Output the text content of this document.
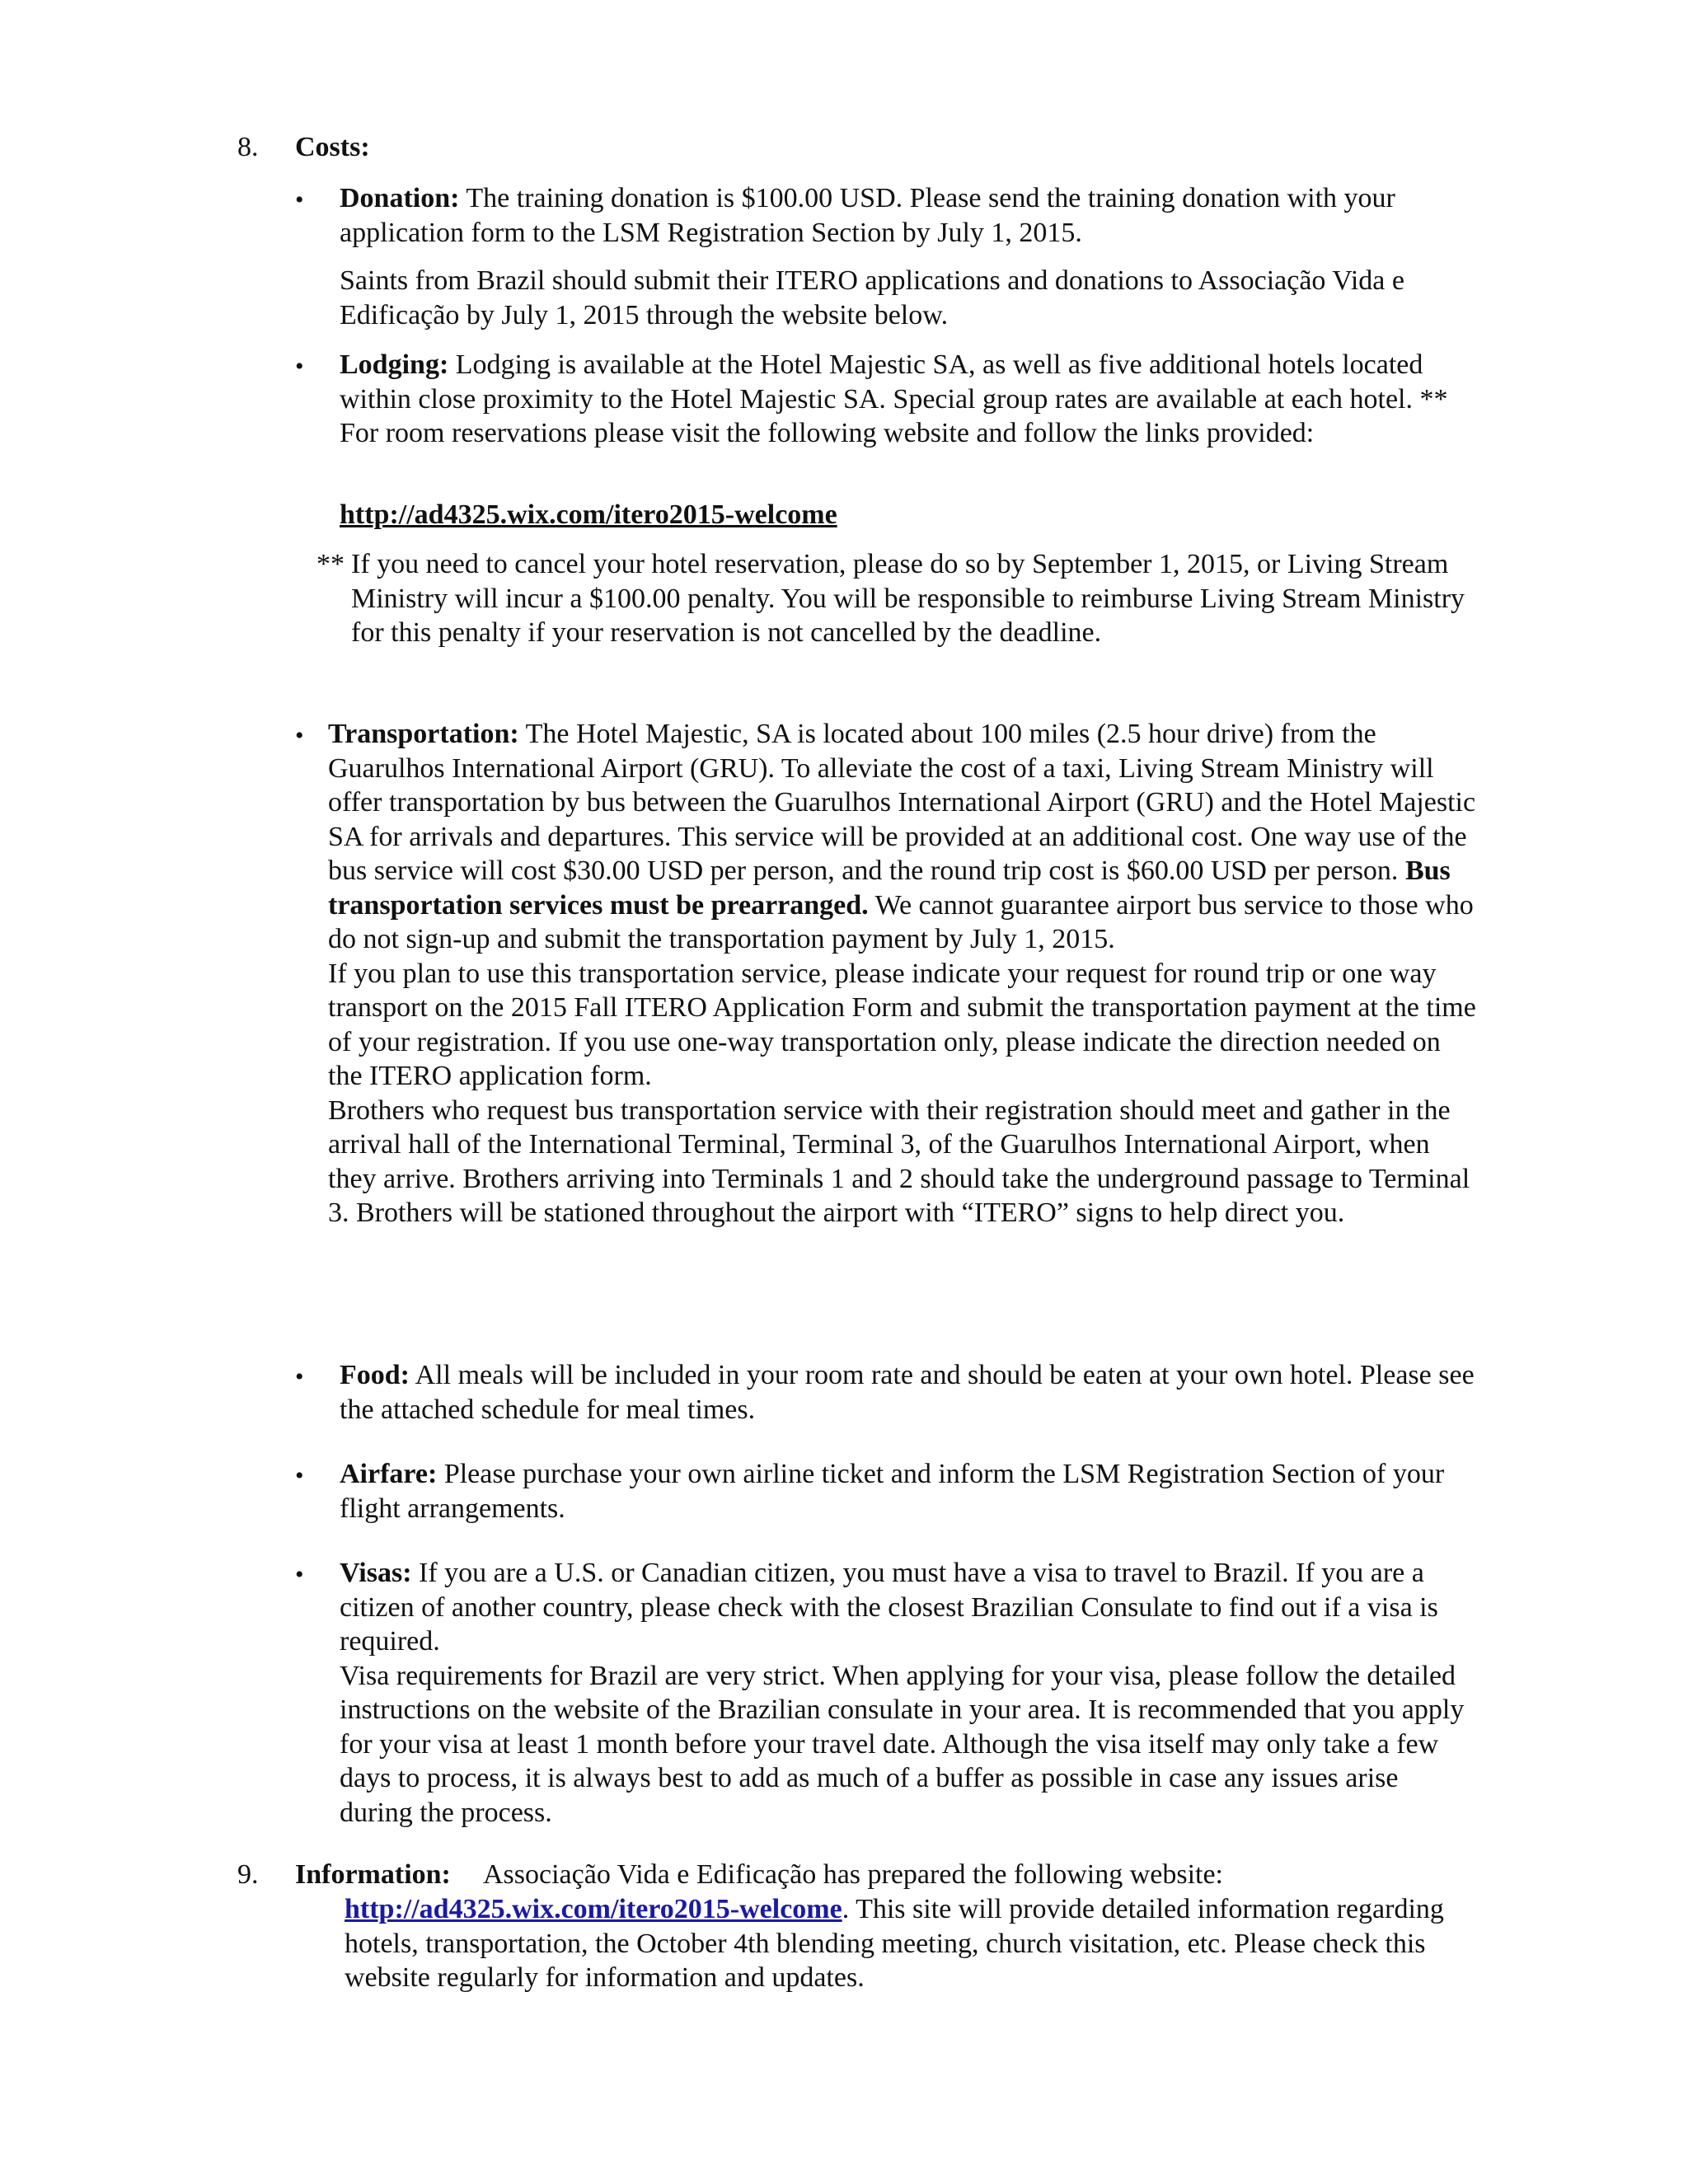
8. Costs:
• Donation: The training donation is $100.00 USD. Please send the training donation with your application form to the LSM Registration Section by July 1, 2015.

Saints from Brazil should submit their ITERO applications and donations to Associação Vida e Edificação by July 1, 2015 through the website below.

• Lodging: Lodging is available at the Hotel Majestic SA, as well as five additional hotels located within close proximity to the Hotel Majestic SA. Special group rates are available at each hotel. **
For room reservations please visit the following website and follow the links provided:

http://ad4325.wix.com/itero2015-welcome
** If you need to cancel your hotel reservation, please do so by September 1, 2015, or Living Stream Ministry will incur a $100.00 penalty. You will be responsible to reimburse Living Stream Ministry for this penalty if your reservation is not cancelled by the deadline.

• Transportation: The Hotel Majestic, SA is located about 100 miles (2.5 hour drive) from the Guarulhos International Airport (GRU). To alleviate the cost of a taxi, Living Stream Ministry will offer transportation by bus between the Guarulhos International Airport (GRU) and the Hotel Majestic SA for arrivals and departures. This service will be provided at an additional cost. One way use of the bus service will cost $30.00 USD per person, and the round trip cost is $60.00 USD per person. Bus transportation services must be prearranged. We cannot guarantee airport bus service to those who do not sign-up and submit the transportation payment by July 1, 2015.
If you plan to use this transportation service, please indicate your request for round trip or one way transport on the 2015 Fall ITERO Application Form and submit the transportation payment at the time of your registration. If you use one-way transportation only, please indicate the direction needed on the ITERO application form.
Brothers who request bus transportation service with their registration should meet and gather in the arrival hall of the International Terminal, Terminal 3, of the Guarulhos International Airport, when they arrive. Brothers arriving into Terminals 1 and 2 should take the underground passage to Terminal 3. Brothers will be stationed throughout the airport with “ITERO” signs to help direct you.

• Food: All meals will be included in your room rate and should be eaten at your own hotel. Please see the attached schedule for meal times.

• Airfare: Please purchase your own airline ticket and inform the LSM Registration Section of your flight arrangements.

• Visas: If you are a U.S. or Canadian citizen, you must have a visa to travel to Brazil. If you are a citizen of another country, please check with the closest Brazilian Consulate to find out if a visa is required.
Visa requirements for Brazil are very strict. When applying for your visa, please follow the detailed instructions on the website of the Brazilian consulate in your area. It is recommended that you apply for your visa at least 1 month before your travel date. Although the visa itself may only take a few days to process, it is always best to add as much of a buffer as possible in case any issues arise during the process.

9. Information: Associação Vida e Edificação has prepared the following website:

http://ad4325.wix.com/itero2015-welcome. This site will provide detailed information regarding hotels, transportation, the October 4th blending meeting, church visitation, etc. Please check this website regularly for information and updates.
